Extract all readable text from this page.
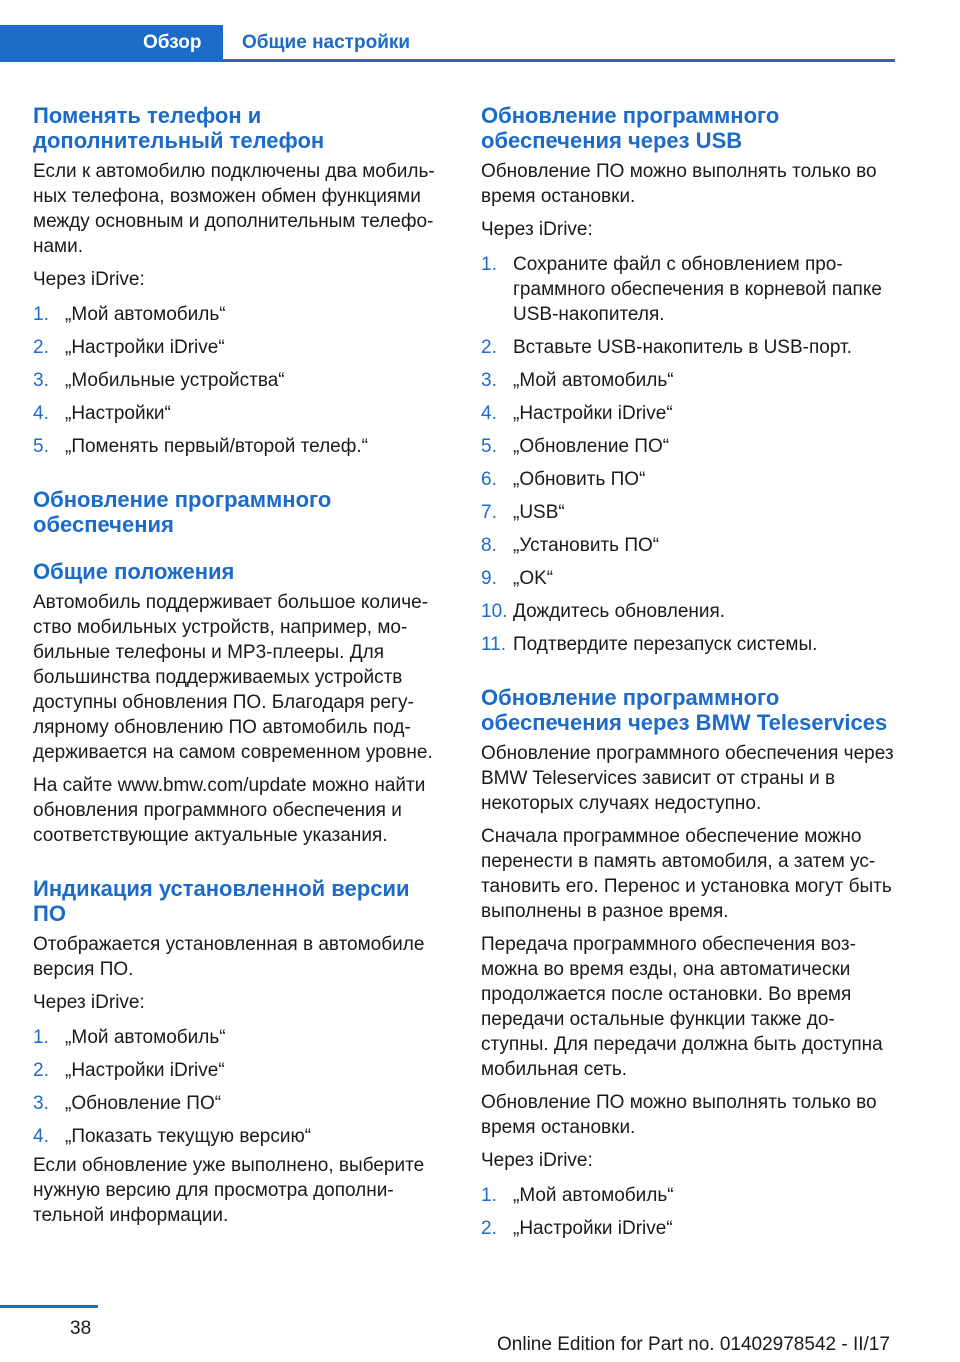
Обзор Общие настройки
Поменять телефон и дополнительный телефон

Если к автомобилю подключены два мобильных телефона, возможен обмен функциями между основным и дополнительным телефонами.

Через iDrive:

1. „Мой автомобиль“
2. „Настройки iDrive“
3. „Мобильные устройства“
4. „Настройки“
5. „Поменять первый/второй телеф.“
Обновление программного обеспечения
Общие положения

Автомобиль поддерживает большое количество мобильных устройств, например, мобильные телефоны и MP3-плееры. Для большинства поддерживаемых устройств доступны обновления ПО. Благодаря регулярному обновлению ПО автомобиль поддерживается на самом современном уровне.

На сайте www.bmw.com/update можно найти обновления программного обеспечения и соответствующие актуальные указания.

Индикация установленной версии ПО

Отображается установленная в автомобиле версия ПО.

Через iDrive:

1. „Мой автомобиль“
2. „Настройки iDrive“
3. „Обновление ПО“
4. „Показать текущую версию“

Если обновление уже выполнено, выберите нужную версию для просмотра дополнительной информации.

Обновление программного обеспечения через USB

Обновление ПО можно выполнять только во время остановки.

Через iDrive:

1. Сохраните файл с обновлением программного обеспечения в корневой папке USB-накопителя.
2. Вставьте USB-накопитель в USB-порт.
3. „Мой автомобиль“
4. „Настройки iDrive“
5. „Обновление ПО“
6. „Обновить ПО“
7. „USB“
8. „Установить ПО“
9. „OK“
10. Дождитесь обновления.
11. Подтвердите перезапуск системы.
Обновление программного обеспечения через BMW Teleservices

Обновление программного обеспечения через BMW Teleservices зависит от страны и в некоторых случаях недоступно.

Сначала программное обеспечение можно перенести в память автомобиля, а затем установить его. Перенос и установка могут быть выполнены в разное время.

Передача программного обеспечения возможна во время езды, она автоматически продолжается после остановки. Во время передачи остальные функции также доступны. Для передачи должна быть доступна мобильная сеть.

Обновление ПО можно выполнять только во время остановки.

Через iDrive:

1. „Мой автомобиль“
2. „Настройки iDrive“
38
Online Edition for Part no. 01402978542 - II/17
